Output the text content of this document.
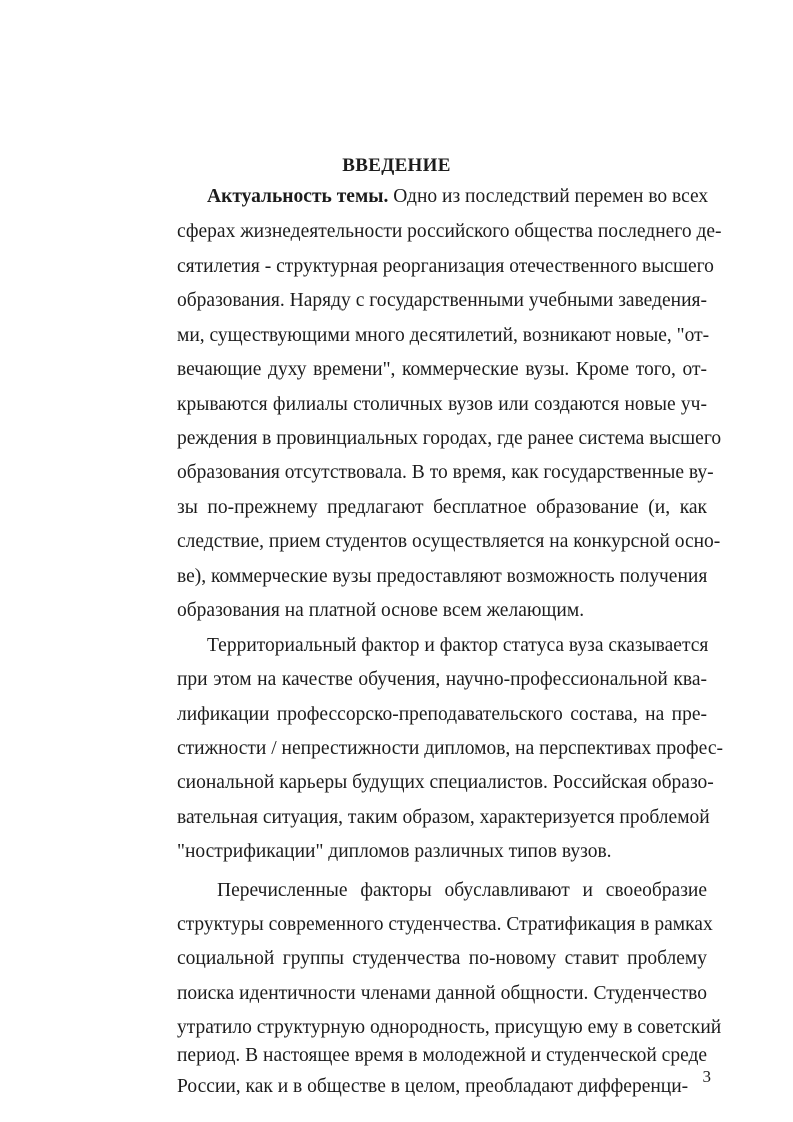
ВВЕДЕНИЕ
Актуальность темы. Одно из последствий перемен во всех
сферах жизнедеятельности российского общества последнего де-
сятилетия - структурная реорганизация отечественного высшего
образования. Наряду с государственными учебными заведения-
ми, существующими много десятилетий, возникают новые, "от-
вечающие духу времени", коммерческие вузы. Кроме того, от-
крываются филиалы столичных вузов или создаются новые уч-
реждения в провинциальных городах, где ранее система высшего
образования отсутствовала. В то время, как государственные ву-
зы по-прежнему предлагают бесплатное образование (и, как
следствие, прием студентов осуществляется на конкурсной осно-
ве), коммерческие вузы предоставляют возможность получения
образования на платной основе всем желающим.
Территориальный фактор и фактор статуса вуза сказывается
при этом на качестве обучения, научно-профессиональной ква-
лификации профессорско-преподавательского состава, на пре-
стижности / непрестижности дипломов, на перспективах профес-
сиональной карьеры будущих специалистов. Российская образо-
вательная ситуация, таким образом, характеризуется проблемой
"нострификации" дипломов различных типов вузов.
Перечисленные факторы обуславливают и своеобразие
структуры современного студенчества. Стратификация в рамках
социальной группы студенчества по-новому ставит проблему
поиска идентичности членами данной общности. Студенчество
утратило структурную однородность, присущую ему в советский
период. В настоящее время в молодежной и студенческой среде
России, как и в обществе в целом, преобладают дифференци- 3
